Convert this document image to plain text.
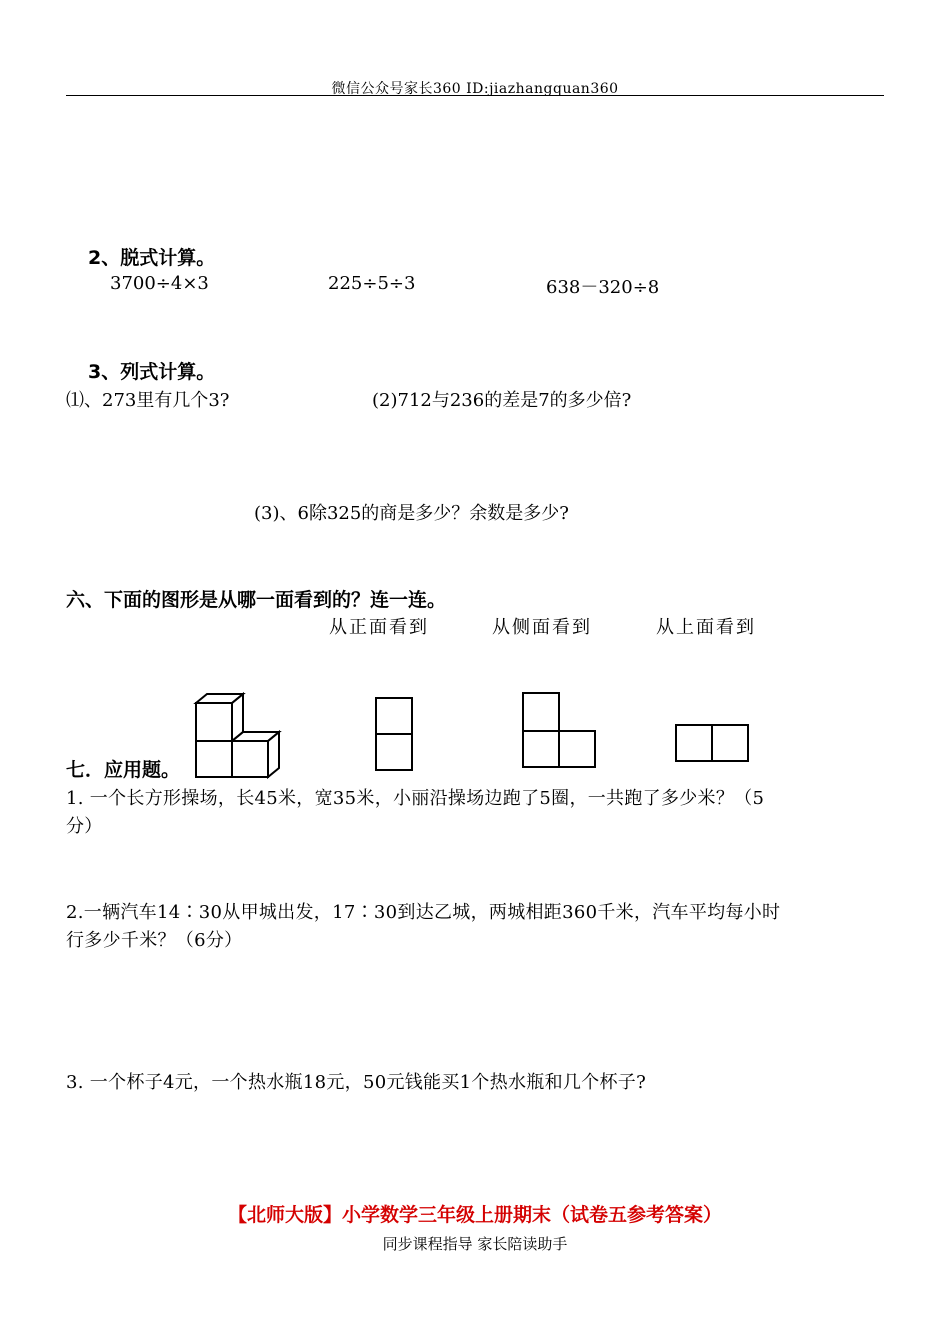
微信公众号家长360 ID:jiazhangquan360
2、脱式计算。
3700÷4×3	225÷5÷3	638－320÷8
3、列式计算。
⑴、273里有几个3?	(2)712与236的差是7的多少倍?
(3)、6除325的商是多少？余数是多少?
六、下面的图形是从哪一面看到的？连一连。
从正面看到	从侧面看到	从上面看到
七．应用题。
1. 一个长方形操场，长45米，宽35米，小丽沿操场边跑了5圈，一共跑了多少米？（5
分）
2.一辆汽车14∶30从甲城出发，17∶30到达乙城，两城相距360千米，汽车平均每小时
行多少千米？（6分）
3. 一个杯子4元，一个热水瓶18元，50元钱能买1个热水瓶和几个杯子?
【北师大版】小学数学三年级上册期末（试卷五参考答案）
同步课程指导 家长陪读助手
